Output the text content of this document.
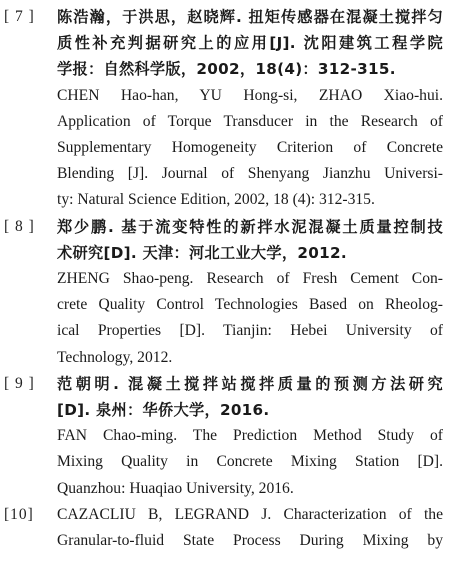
[ 7 ] 陈浩瀚，于洪思，赵晓辉. 扭矩传感器在混凝土搅拌匀
质性补充判据研究上的应用[J]. 沈阳建筑工程学院
学报：自然科学版，2002，18(4)：312-315.
CHEN Hao-han, YU Hong-si, ZHAO Xiao-hui.
Application of Torque Transducer in the Research of
Supplementary Homogeneity Criterion of Concrete
Blending [J]. Journal of Shenyang Jianzhu Universi-
ty: Natural Science Edition, 2002, 18 (4): 312-315.
[ 8 ] 郑少鹏. 基于流变特性的新拌水泥混凝土质量控制技
术研究[D]. 天津：河北工业大学，2012.
ZHENG Shao-peng. Research of Fresh Cement Con-
crete Quality Control Technologies Based on Rheolog-
ical Properties [D]. Tianjin: Hebei University of
Technology, 2012.
[ 9 ] 范朝明. 混凝土搅拌站搅拌质量的预测方法研究
[D]. 泉州：华侨大学，2016.
FAN Chao-ming. The Prediction Method Study of
Mixing Quality in Concrete Mixing Station [D].
Quanzhou: Huaqiao University, 2016.
[10] CAZACLIU B, LEGRAND J. Characterization of the
Granular-to-fluid State Process During Mixing by
